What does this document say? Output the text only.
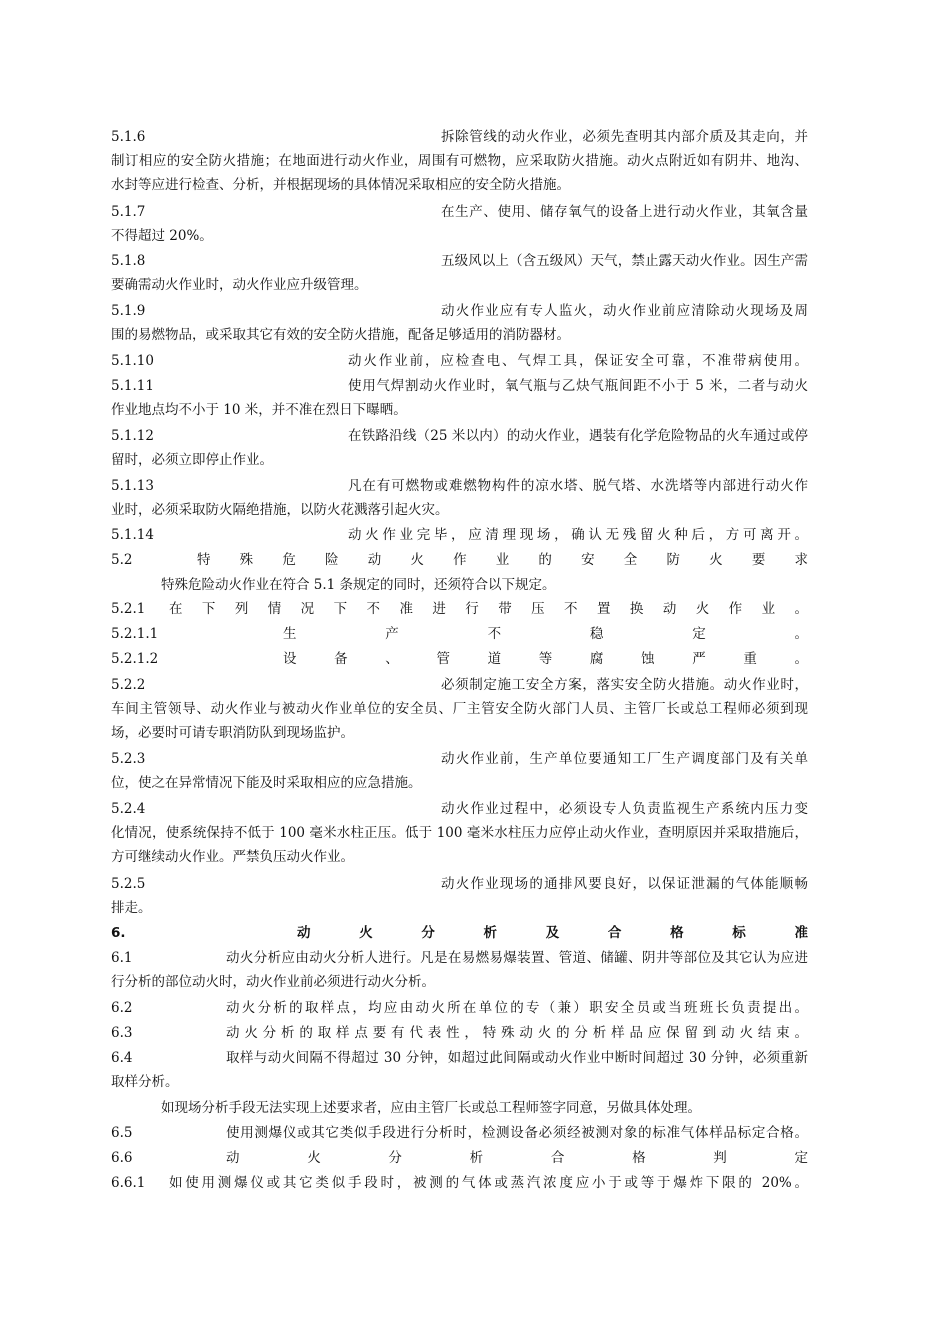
5.1.6	拆除管线的动火作业，必须先查明其内部介质及其走向，并
制订相应的安全防火措施；在地面进行动火作业，周围有可燃物，应采取防火措施。动火点附近如有阴井、地沟、
水封等应进行检查、分析，并根据现场的具体情况采取相应的安全防火措施。
5.1.7	在生产、使用、储存氧气的设备上进行动火作业，其氧含量
不得超过 20%。
5.1.8	五级风以上（含五级风）天气，禁止露天动火作业。因生产需
要确需动火作业时，动火作业应升级管理。
5.1.9	动火作业应有专人监火，动火作业前应清除动火现场及周
围的易燃物品，或采取其它有效的安全防火措施，配备足够适用的消防器材。
5.1.10	动火作业前，应检查电、气焊工具，保证安全可靠，不准带病使用。
5.1.11	使用气焊割动火作业时，氧气瓶与乙炔气瓶间距不小于 5 米，二者与动火
作业地点均不小于 10 米，并不准在烈日下曝晒。
5.1.12	在铁路沿线（25 米以内）的动火作业，遇装有化学危险物品的火车通过或停
留时，必须立即停止作业。
5.1.13	凡在有可燃物或难燃物构件的凉水塔、脱气塔、水洗塔等内部进行动火作
业时，必须采取防火隔绝措施，以防火花溅落引起火灾。
5.1.14	动火作业完毕，应清理现场，确认无残留火种后，方可离开。
5.2	特殊危险动火作业的安全防火要求
特殊危险动火作业在符合 5.1 条规定的同时，还须符合以下规定。
5.2.1 在下列情况下不准进行带压不置换动火作业。
5.2.1.1	生产不稳定。
5.2.1.2	设备、管道等腐蚀严重。
5.2.2	必须制定施工安全方案，落实安全防火措施。动火作业时，
车间主管领导、动火作业与被动火作业单位的安全员、厂主管安全防火部门人员、主管厂长或总工程师必须到现
场，必要时可请专职消防队到现场监护。
5.2.3	动火作业前，生产单位要通知工厂生产调度部门及有关单
位，使之在异常情况下能及时采取相应的应急措施。
5.2.4	动火作业过程中，必须设专人负责监视生产系统内压力变
化情况，使系统保持不低于 100 毫米水柱正压。低于 100 毫米水柱压力应停止动火作业，查明原因并采取措施后，
方可继续动火作业。严禁负压动火作业。
5.2.5	动火作业现场的通排风要良好，以保证泄漏的气体能顺畅
排走。
6.	动火分析及合格标准
6.1	动火分析应由动火分析人进行。凡是在易燃易爆装置、管道、储罐、阴井等部位及其它认为应进
行分析的部位动火时，动火作业前必须进行动火分析。
6.2	动火分析的取样点，均应由动火所在单位的专（兼）职安全员或当班班长负责提出。
6.3	动火分析的取样点要有代表性，特殊动火的分析样品应保留到动火结束。
6.4	取样与动火间隔不得超过 30 分钟，如超过此间隔或动火作业中断时间超过 30 分钟，必须重新
取样分析。
如现场分析手段无法实现上述要求者，应由主管厂长或总工程师签字同意，另做具体处理。
6.5	使用测爆仪或其它类似手段进行分析时，检测设备必须经被测对象的标准气体样品标定合格。
6.6	动火分析合格判定
6.6.1 如使用测爆仪或其它类似手段时，被测的气体或蒸汽浓度应小于或等于爆炸下限的 20%。
